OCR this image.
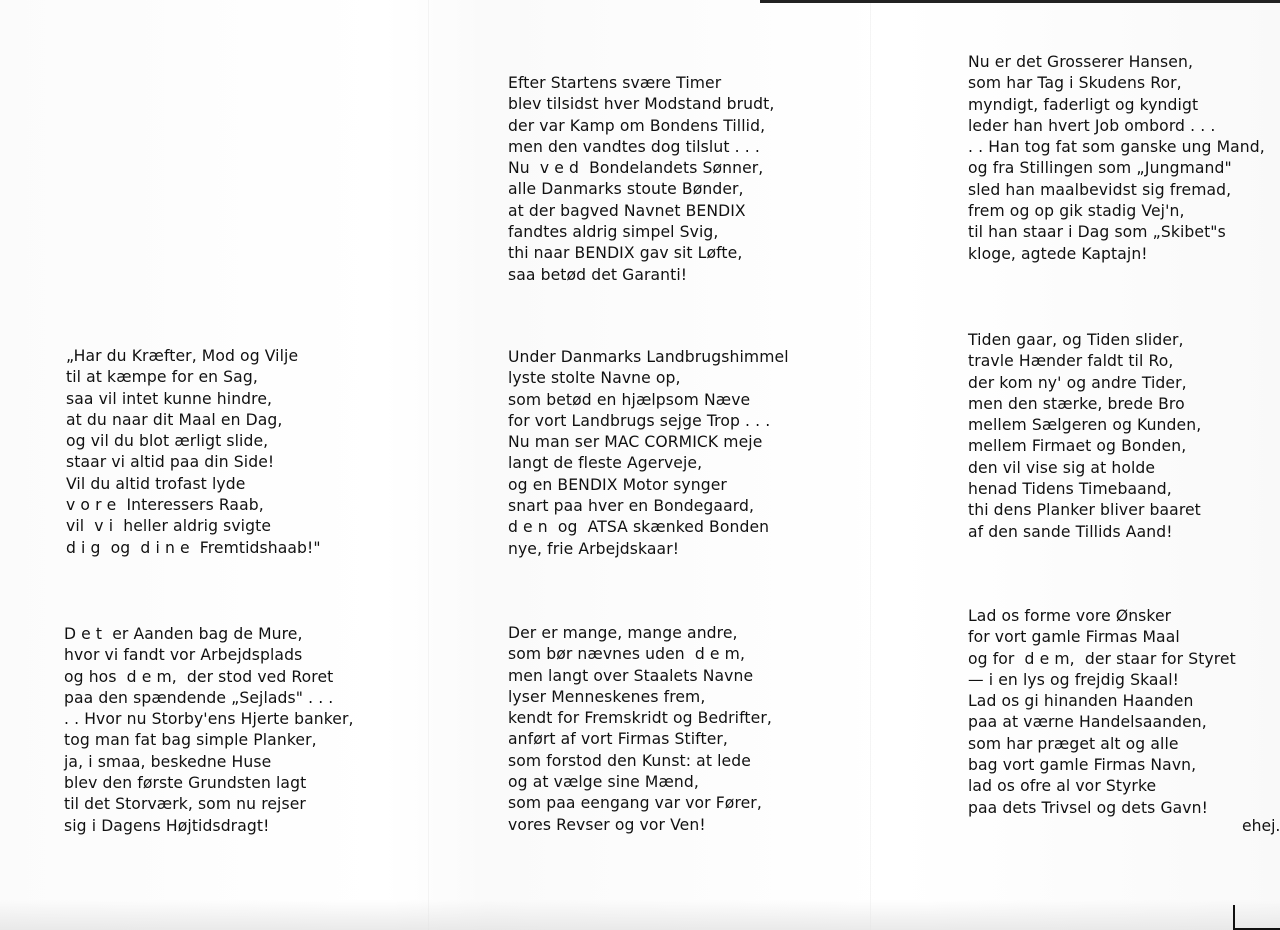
Efter Startens svære Timer
blev tilsidst hver Modstand brudt,
der var Kamp om Bondens Tillid,
men den vandtes dog tilslut . . .
Nu  v e d  Bondelandets Sønner,
alle Danmarks stoute Bønder,
at der bagved Navnet BENDIX
fandtes aldrig simpel Svig,
thi naar BENDIX gav sit Løfte,
saa betød det Garanti!

Nu er det Grosserer Hansen,
som har Tag i Skudens Ror,
myndigt, faderligt og kyndigt
leder han hvert Job ombord . . .
. . Han tog fat som ganske ung Mand,
og fra Stillingen som „Jungmand"
sled han maalbevidst sig fremad,
frem og op gik stadig Vej'n,
til han staar i Dag som „Skibet"s
kloge, agtede Kaptajn!

„Har du Kræfter, Mod og Vilje
til at kæmpe for en Sag,
saa vil intet kunne hindre,
at du naar dit Maal en Dag,
og vil du blot ærligt slide,
staar vi altid paa din Side!
Vil du altid trofast lyde
v o r e  Interessers Raab,
vil  v i  heller aldrig svigte
d i g  og  d i n e  Fremtidshaab!"

Under Danmarks Landbrugshimmel
lyste stolte Navne op,
som betød en hjælpsom Næve
for vort Landbrugs sejge Trop . . .
Nu man ser MAC CORMICK meje
langt de fleste Agerveje,
og en BENDIX Motor synger
snart paa hver en Bondegaard,
d e n  og  ATSA skænked Bonden
nye, frie Arbejdskaar!

Tiden gaar, og Tiden slider,
travle Hænder faldt til Ro,
der kom ny' og andre Tider,
men den stærke, brede Bro
mellem Sælgeren og Kunden,
mellem Firmaet og Bonden,
den vil vise sig at holde
henad Tidens Timebaand,
thi dens Planker bliver baaret
af den sande Tillids Aand!

D e t  er Aanden bag de Mure,
hvor vi fandt vor Arbejdsplads
og hos  d e m,  der stod ved Roret
paa den spændende „Sejlads" . . .
. . Hvor nu Storby'ens Hjerte banker,
tog man fat bag simple Planker,
ja, i smaa, beskedne Huse
blev den første Grundsten lagt
til det Storværk, som nu rejser
sig i Dagens Højtidsdragt!

Der er mange, mange andre,
som bør nævnes uden  d e m,
men langt over Staalets Navne
lyser Menneskenes frem,
kendt for Fremskridt og Bedrifter,
anført af vort Firmas Stifter,
som forstod den Kunst: at lede
og at vælge sine Mænd,
som paa eengang var vor Fører,
vores Revser og vor Ven!

Lad os forme vore Ønsker
for vort gamle Firmas Maal
og for  d e m,  der staar for Styret
— i en lys og frejdig Skaal!
Lad os gi hinanden Haanden
paa at værne Handelsaanden,
som har præget alt og alle
bag vort gamle Firmas Navn,
lad os ofre al vor Styrke
paa dets Trivsel og dets Gavn!

ehej.
